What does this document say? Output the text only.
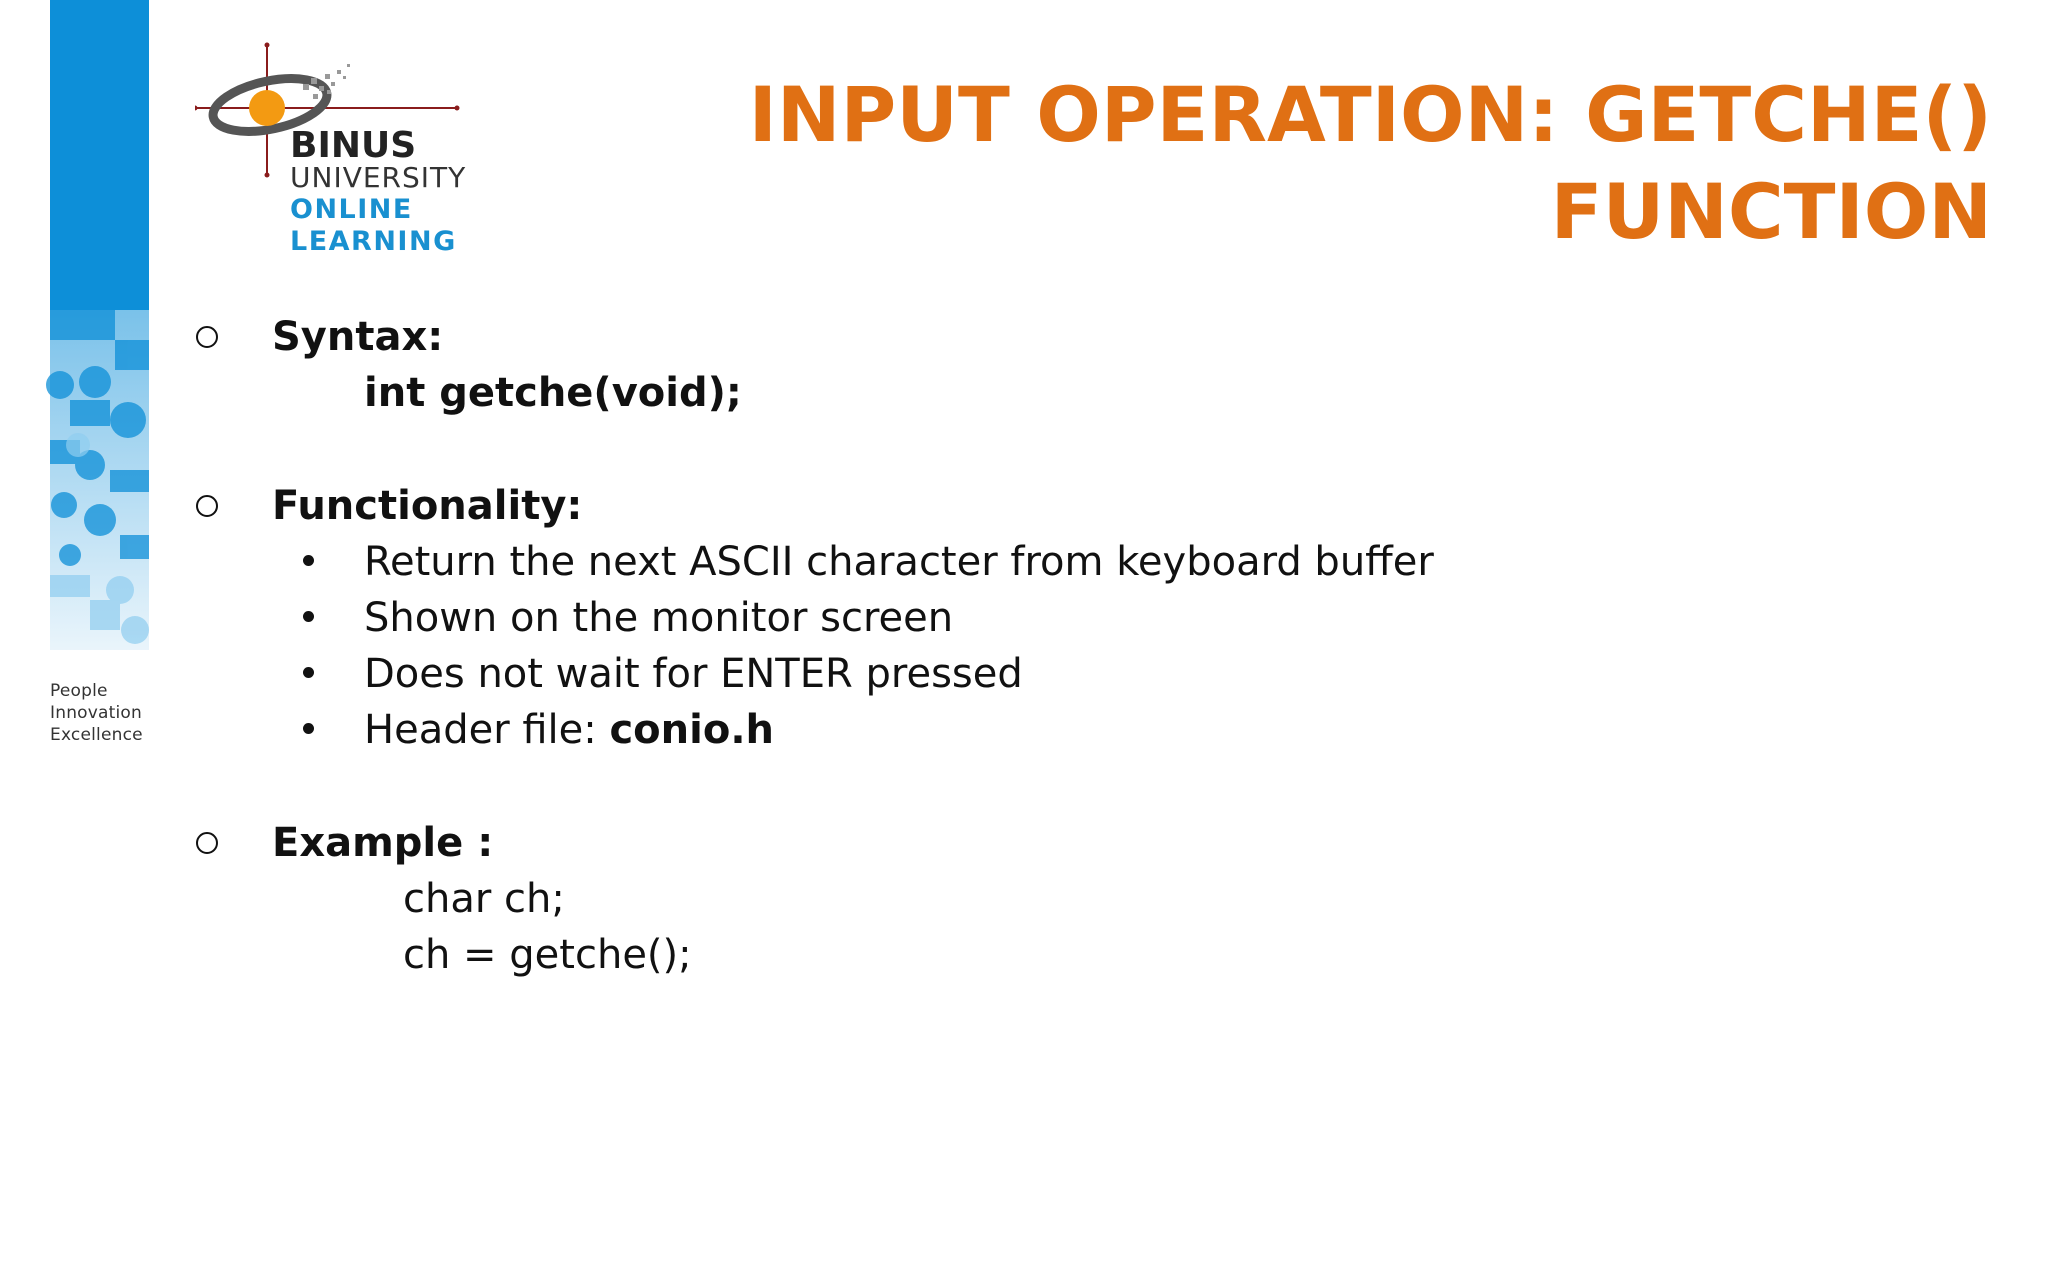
People
Innovation
Excellence
BINUS
UNIVERSITY
ONLINE
LEARNING
INPUT OPERATION: GETCHE()
FUNCTION
Syntax:
int getche(void);
Functionality:
Return the next ASCII character from keyboard buffer
Shown on the monitor screen
Does not wait for ENTER pressed
Header file: conio.h
Example :
char ch;
ch = getche();
